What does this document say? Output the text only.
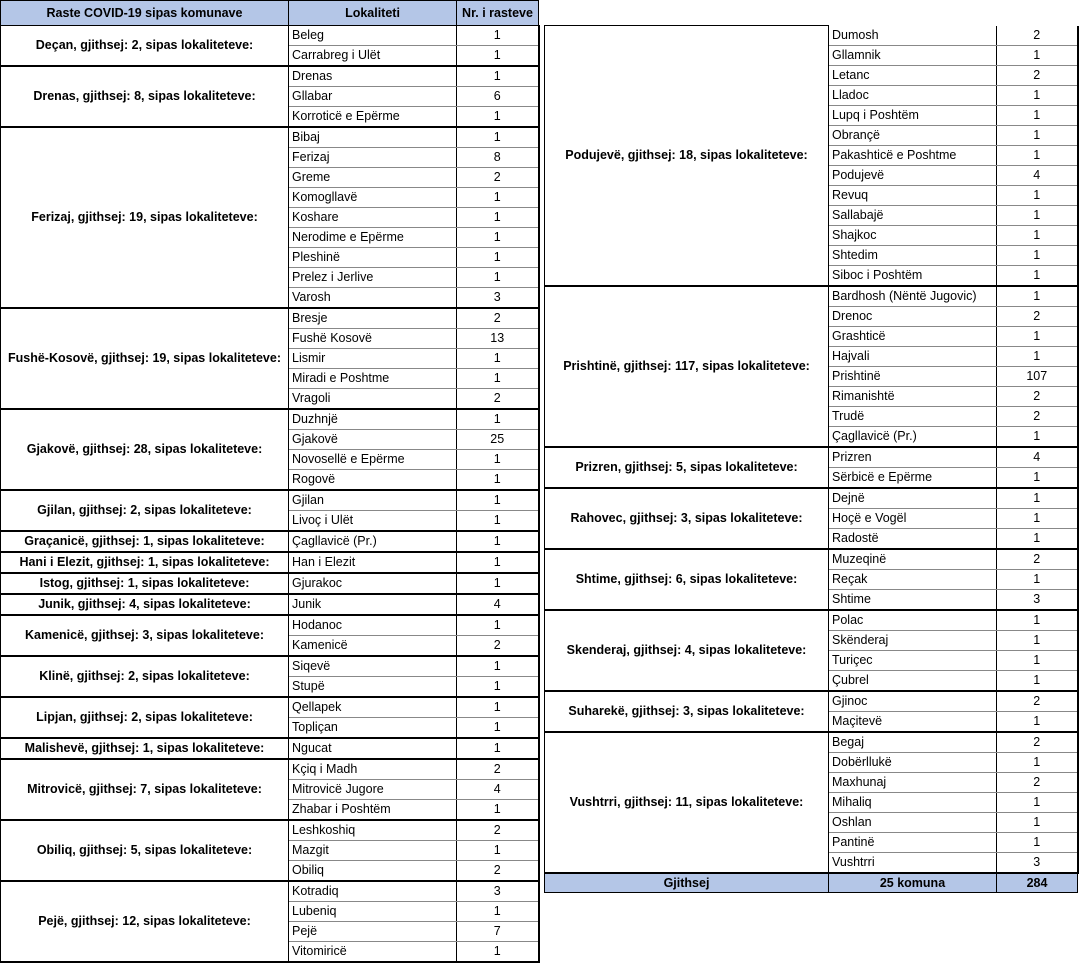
Raste COVID-19 sipas komunave	Lokaliteti	Nr. i rasteve
Deçan, gjithsej: 2, sipas lokaliteteve:	Beleg	1
	Carrabreg i Ulët	1
Drenas, gjithsej: 8, sipas lokaliteteve:	Drenas	1
	Gllabar	6
	Korroticë e Epërme	1
Ferizaj, gjithsej: 19, sipas lokaliteteve:	Bibaj	1
	Ferizaj	8
	Greme	2
	Komogllavë	1
	Koshare	1
	Nerodime e Epërme	1
	Pleshinë	1
	Prelez i Jerlive	1
	Varosh	3
Fushë-Kosovë, gjithsej: 19, sipas lokaliteteve:	Bresje	2
	Fushë Kosovë	13
	Lismir	1
	Miradi e Poshtme	1
	Vragoli	2
Gjakovë, gjithsej: 28, sipas lokaliteteve:	Duzhnjë	1
	Gjakovë	25
	Novosellë e Epërme	1
	Rogovë	1
Gjilan, gjithsej: 2, sipas lokaliteteve:	Gjilan	1
	Livoç i Ulët	1
Graçanicë, gjithsej: 1, sipas lokaliteteve:	Çagllavicë (Pr.)	1
Hani i Elezit, gjithsej: 1, sipas lokaliteteve:	Han i Elezit	1
Istog, gjithsej: 1, sipas lokaliteteve:	Gjurakoc	1
Junik, gjithsej: 4, sipas lokaliteteve:	Junik	4
Kamenicë, gjithsej: 3, sipas lokaliteteve:	Hodanoc	1
	Kamenicë	2
Klinë, gjithsej: 2, sipas lokaliteteve:	Siqevë	1
	Stupë	1
Lipjan, gjithsej: 2, sipas lokaliteteve:	Qellapek	1
	Topliçan	1
Malishevë, gjithsej: 1, sipas lokaliteteve:	Ngucat	1
Mitrovicë, gjithsej: 7, sipas lokaliteteve:	Kçiq i Madh	2
	Mitrovicë Jugore	4
	Zhabar i Poshtëm	1
Obiliq, gjithsej: 5, sipas lokaliteteve:	Leshkoshiq	2
	Mazgit	1
	Obiliq	2
Pejë, gjithsej: 12, sipas lokaliteteve:	Kotradiq	3
	Lubeniq	1
	Pejë	7
	Vitomiricë	1
Podujevë, gjithsej: 18, sipas lokaliteteve:	Dumosh	2
	Gllamnik	1
	Letanc	2
	Lladoc	1
	Lupq i Poshtëm	1
	Obrançë	1
	Pakashticë e Poshtme	1
	Podujevë	4
	Revuq	1
	Sallabajë	1
	Shajkoc	1
	Shtedim	1
	Siboc i Poshtëm	1
Prishtinë, gjithsej: 117, sipas lokaliteteve:	Bardhosh (Nëntë Jugovic)	1
	Drenoc	2
	Grashticë	1
	Hajvali	1
	Prishtinë	107
	Rimanishtë	2
	Trudë	2
	Çagllavicë (Pr.)	1
Prizren, gjithsej: 5, sipas lokaliteteve:	Prizren	4
	Sërbicë e Epërme	1
Rahovec, gjithsej: 3, sipas lokaliteteve:	Dejnë	1
	Hoçë e Vogël	1
	Radostë	1
Shtime, gjithsej: 6, sipas lokaliteteve:	Muzeqinë	2
	Reçak	1
	Shtime	3
Skenderaj, gjithsej: 4, sipas lokaliteteve:	Polac	1
	Skënderaj	1
	Turiçec	1
	Çubrel	1
Suharekë, gjithsej: 3, sipas lokaliteteve:	Gjinoc	2
	Maçitevë	1
Vushtrri, gjithsej: 11, sipas lokaliteteve:	Begaj	2
	Dobërllukë	1
	Maxhunaj	2
	Mihaliq	1
	Oshlan	1
	Pantinë	1
	Vushtrri	3
Gjithsej	25 komuna	284
